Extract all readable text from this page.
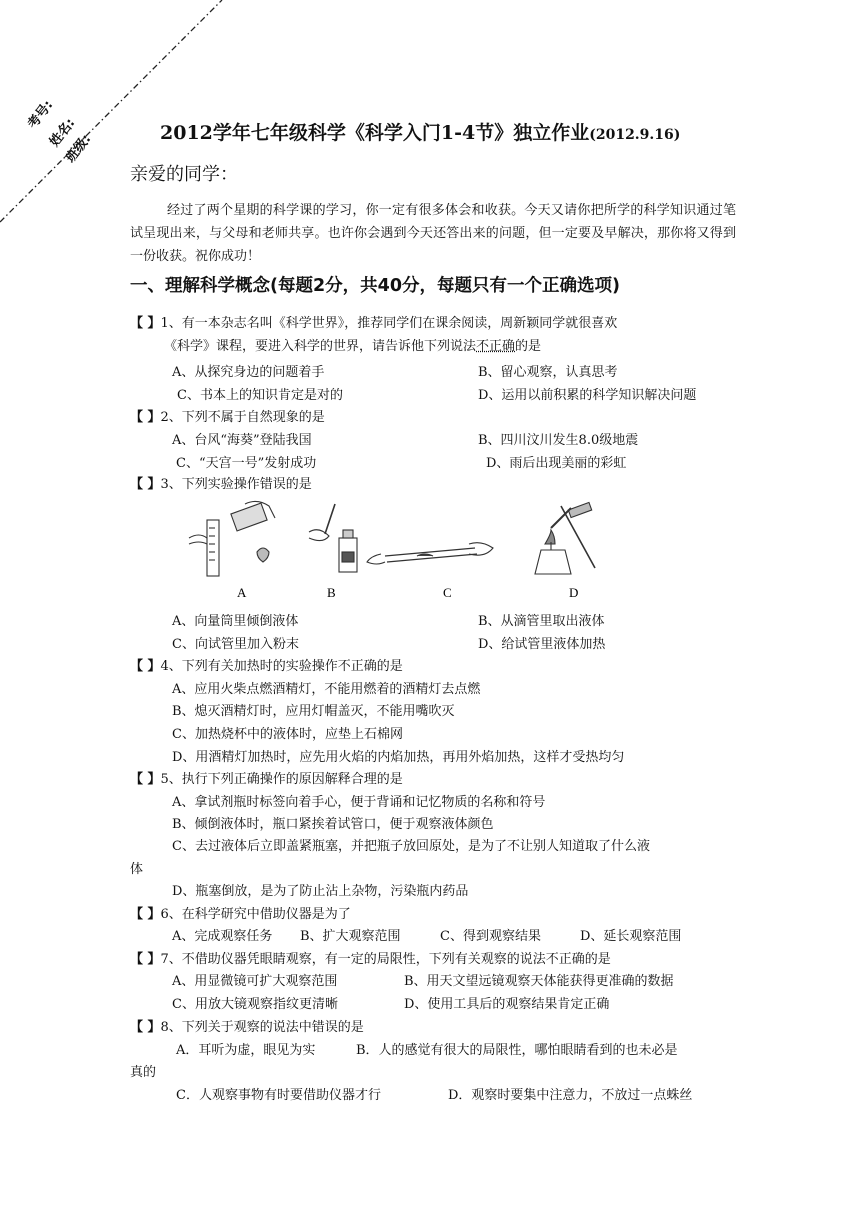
考号:
姓名:
班级:	2012学年七年级科学《科学入门1-4节》独立作业(2012.9.16)
亲爱的同学：
经过了两个星期的科学课的学习，你一定有很多体会和收获。今天又请你把所学的科学知识通过笔试呈现出来，与父母和老师共享。也许你会遇到今天还答出来的问题，但一定要及早解决，那你将又得到一份收获。祝你成功！
一、理解科学概念(每题2分，共40分，每题只有一个正确选项)
【 】1、有一本杂志名叫《科学世界》，推荐同学们在课余阅读，周新颖同学就很喜欢
《科学》课程，要进入科学的世界，请告诉他下列说法不正确的是
A、从探究身边的问题着手	B、留心观察，认真思考
C、书本上的知识肯定是对的	D、运用以前积累的科学知识解决问题
【 】2、下列不属于自然现象的是
A、台风“海葵”登陆我国	B、四川汶川发生8.0级地震
C、“天宫一号”发射成功	D、雨后出现美丽的彩虹
【 】3、下列实验操作错误的是
A	B	C	D
A、向量筒里倾倒液体	B、从滴管里取出液体
C、向试管里加入粉末	D、给试管里液体加热
【 】4、下列有关加热时的实验操作不正确的是
A、应用火柴点燃酒精灯，不能用燃着的酒精灯去点燃
B、熄灭酒精灯时，应用灯帽盖灭，不能用嘴吹灭
C、加热烧杯中的液体时，应垫上石棉网
D、用酒精灯加热时，应先用火焰的内焰加热，再用外焰加热，这样才受热均匀
【 】5、执行下列正确操作的原因解释合理的是
A、拿试剂瓶时标签向着手心，便于背诵和记忆物质的名称和符号
B、倾倒液体时，瓶口紧挨着试管口，便于观察液体颜色
C、去过液体后立即盖紧瓶塞，并把瓶子放回原处，是为了不让别人知道取了什么液
体
D、瓶塞倒放，是为了防止沾上杂物，污染瓶内药品
【 】6、在科学研究中借助仪器是为了
A、完成观察任务 B、扩大观察范围	C、得到观察结果	D、延长观察范围
【 】7、不借助仪器凭眼睛观察，有一定的局限性，下列有关观察的说法不正确的是
A、用显微镜可扩大观察范围	B、用天文望远镜观察天体能获得更准确的数据
C、用放大镜观察指纹更清晰	D、使用工具后的观察结果肯定正确
【 】8、下列关于观察的说法中错误的是
A．耳听为虚，眼见为实	B．人的感觉有很大的局限性，哪怕眼睛看到的也未必是
真的
C．人观察事物有时要借助仪器才行	D．观察时要集中注意力，不放过一点蛛丝
